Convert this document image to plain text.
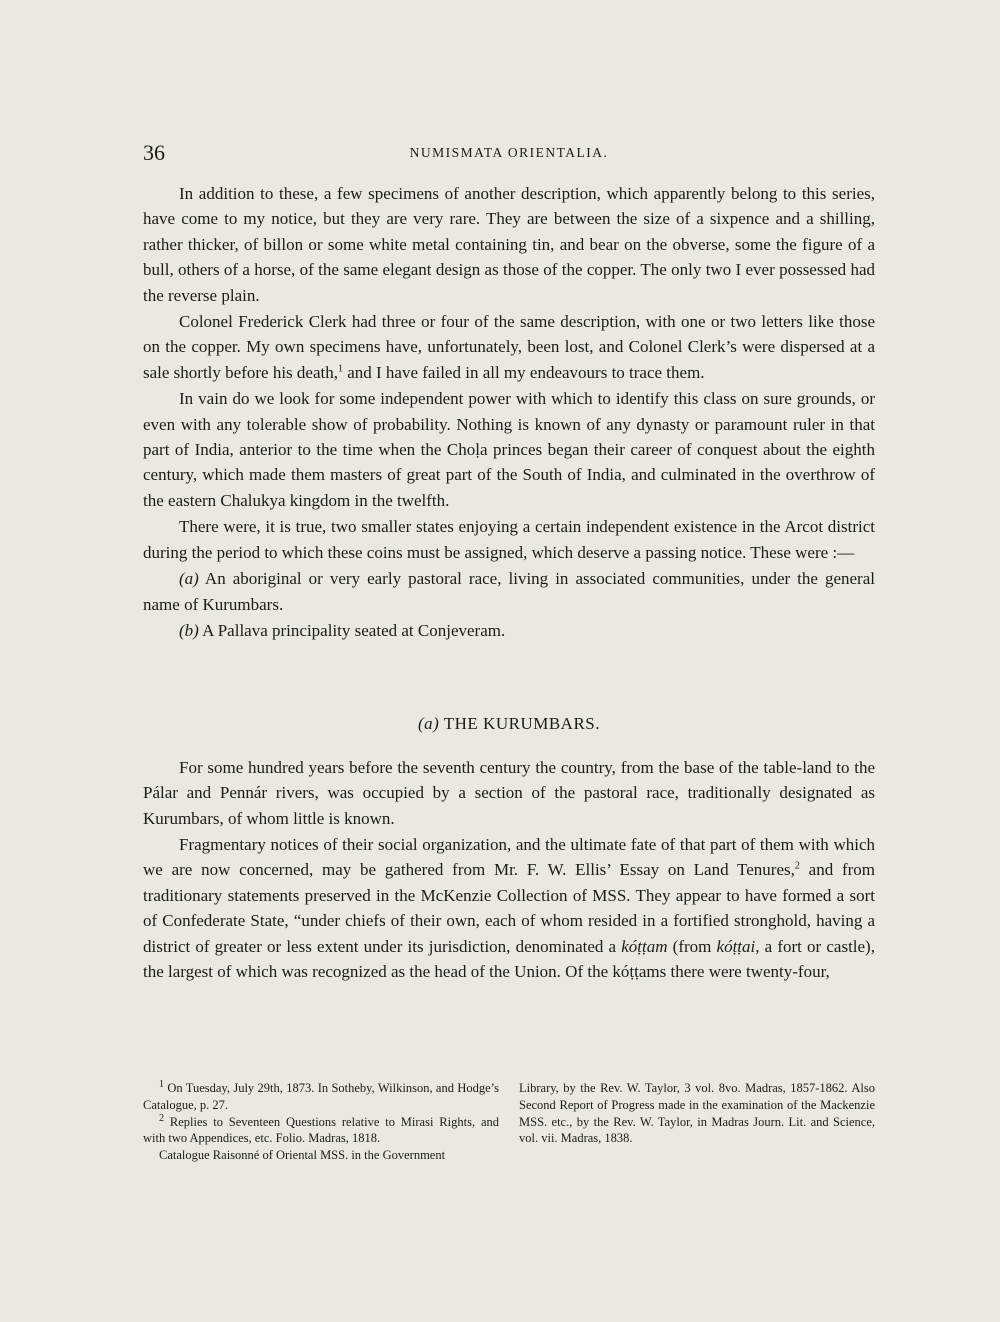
36	NUMISMATA ORIENTALIA.

In addition to these, a few specimens of another description, which apparently belong to this series, have come to my notice, but they are very rare. They are between the size of a sixpence and a shilling, rather thicker, of billon or some white metal containing tin, and bear on the obverse, some the figure of a bull, others of a horse, of the same elegant design as those of the copper. The only two I ever possessed had the reverse plain.

Colonel Frederick Clerk had three or four of the same description, with one or two letters like those on the copper. My own specimens have, unfortunately, been lost, and Colonel Clerk’s were dispersed at a sale shortly before his death,$^1$ and I have failed in all my endeavours to trace them.

In vain do we look for some independent power with which to identify this class on sure grounds, or even with any tolerable show of probability. Nothing is known of any dynasty or paramount ruler in that part of India, anterior to the time when the Choḷa princes began their career of conquest about the eighth century, which made them masters of great part of the South of India, and culminated in the overthrow of the eastern Chalukya kingdom in the twelfth.

There were, it is true, two smaller states enjoying a certain independent existence in the Arcot district during the period to which these coins must be assigned, which deserve a passing notice. These were :—

(a) An aboriginal or very early pastoral race, living in associated communities, under the general name of Kurumbars.

(b) A Pallava principality seated at Conjeveram.

(a) THE KURUMBARS.

For some hundred years before the seventh century the country, from the base of the table-land to the Pálar and Pennár rivers, was occupied by a section of the pastoral race, traditionally designated as Kurumbars, of whom little is known.

Fragmentary notices of their social organization, and the ultimate fate of that part of them with which we are now concerned, may be gathered from Mr. F. W. Ellis’ Essay on Land Tenures,$^2$ and from traditionary statements preserved in the McKenzie Collection of MSS. They appear to have formed a sort of Confederate State, “under chiefs of their own, each of whom resided in a fortified stronghold, having a district of greater or less extent under its jurisdiction, denominated a kóṭṭam (from kóṭṭai, a fort or castle), the largest of which was recognized as the head of the Union. Of the kóṭṭams there were twenty-four,

$^1$ On Tuesday, July 29th, 1873. In Sotheby, Wilkinson, and Hodge’s Catalogue, p. 27.

$^2$ Replies to Seventeen Questions relative to Mirasi Rights, and with two Appendices, etc. Folio. Madras, 1818.

Catalogue Raisonné of Oriental MSS. in the Government

Library, by the Rev. W. Taylor, 3 vol. 8vo. Madras, 1857-1862. Also Second Report of Progress made in the examination of the Mackenzie MSS. etc., by the Rev. W. Taylor, in Madras Journ. Lit. and Science, vol. vii. Madras, 1838.
